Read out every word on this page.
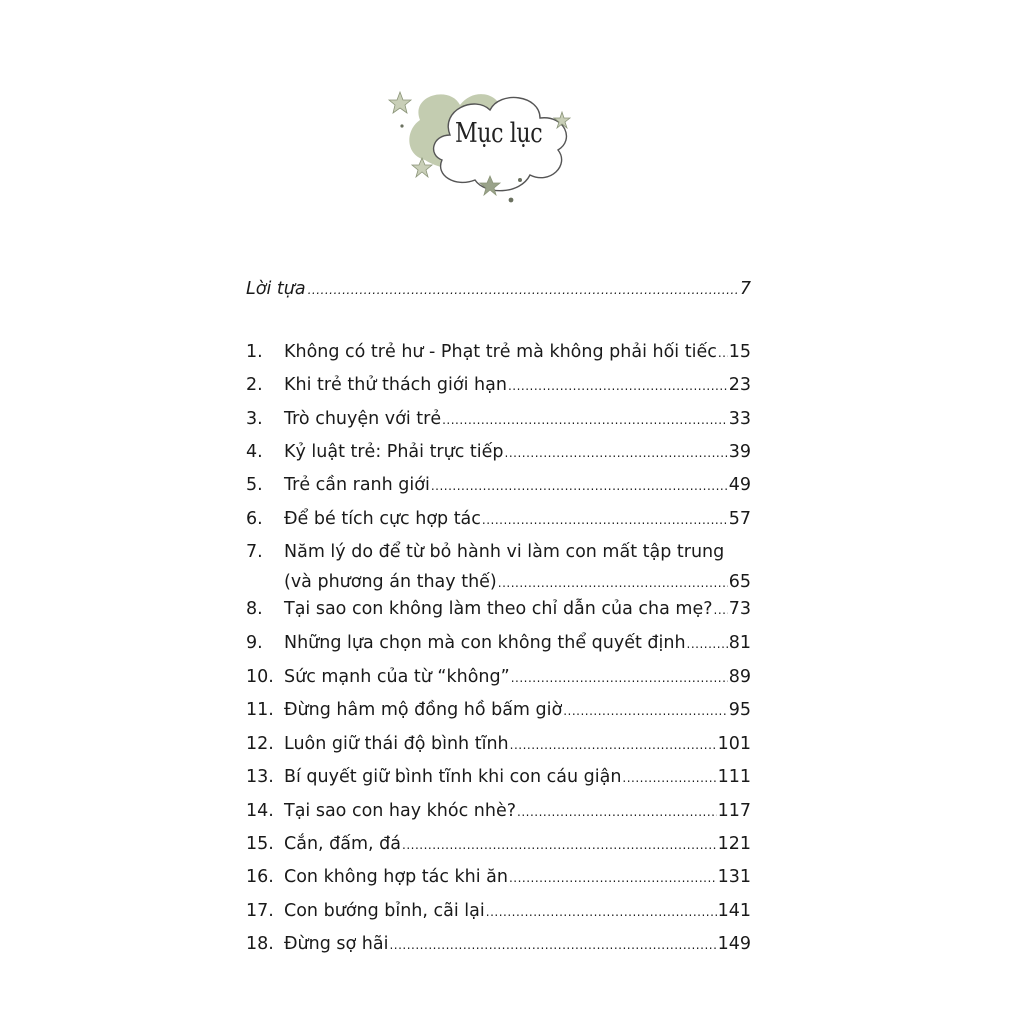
Mục lục
Lời tựa .....	7
1.	Không có trẻ hư - Phạt trẻ mà không phải hối tiếc ..... 15
2.	Khi trẻ thử thách giới hạn .....	23
3.	Trò chuyện với trẻ .....	33
4.	Kỷ luật trẻ: Phải trực tiếp .....	39
5.	Trẻ cần ranh giới .....	49
6.	Để bé tích cực hợp tác .....	57
7.	Năm lý do để từ bỏ hành vi làm con mất tập trung
(và phương án thay thế) .....	65
8.	Tại sao con không làm theo chỉ dẫn của cha mẹ? ..... 73
9.	Những lựa chọn mà con không thể quyết định ..... 81
10. Sức mạnh của từ “không” .....	89
11. Đừng hâm mộ đồng hồ bấm giờ .....	95
12. Luôn giữ thái độ bình tĩnh .....	101
13. Bí quyết giữ bình tĩnh khi con cáu giận .....	111
14. Tại sao con hay khóc nhè? .....	117
15. Cắn, đấm, đá .....	121
16. Con không hợp tác khi ăn .....	131
17. Con bướng bỉnh, cãi lại .....	141
18. Đừng sợ hãi .....	149
